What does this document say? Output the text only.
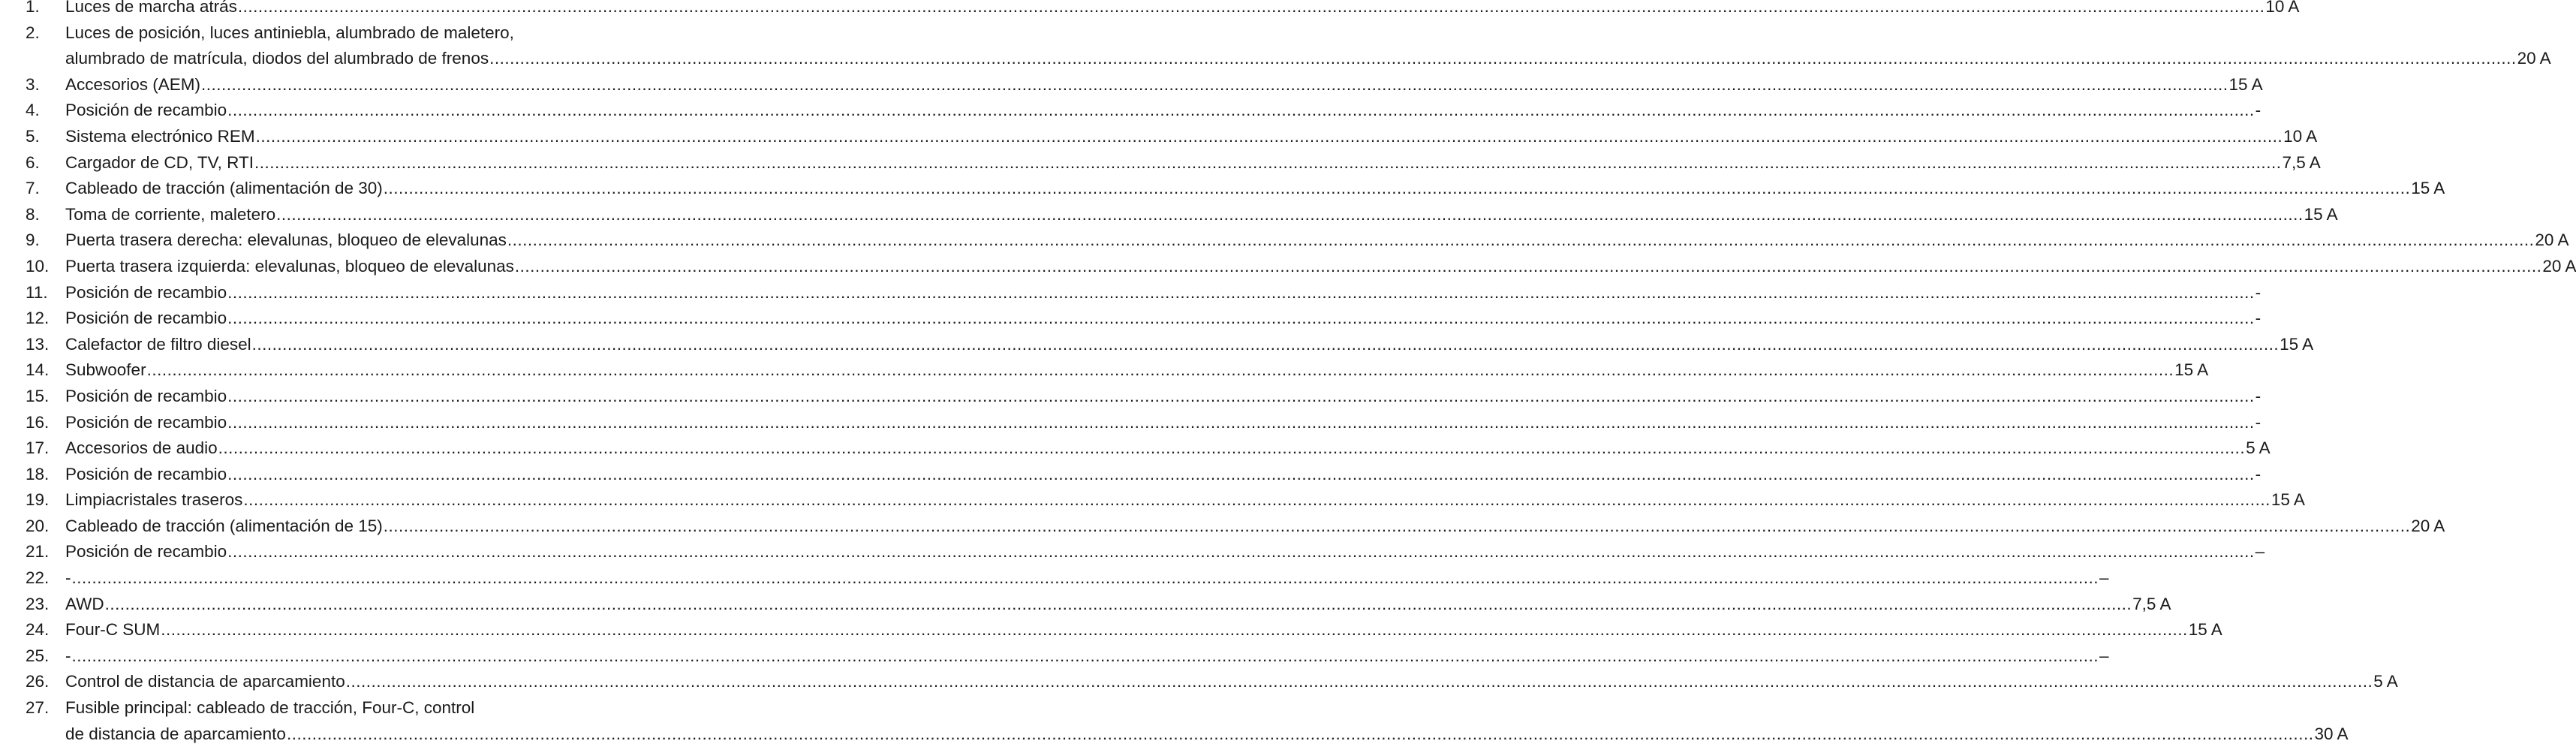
1.	Luces de marcha atrás ................................................................................................................................................................................................................................................................................................................................................................................................................ 10 A
2.	Luces de posición, luces antiniebla, alumbrado de maletero,
alumbrado de matrícula, diodos del alumbrado de frenos ................................................................................................................................................................................................................................................................................................................................................................................................................ 20 A
3.	Accesorios (AEM) ................................................................................................................................................................................................................................................................................................................................................................................................................ 15 A
4.	Posición de recambio ................................................................................................................................................................................................................................................................................................................................................................................................................ -
5.	Sistema electrónico REM ................................................................................................................................................................................................................................................................................................................................................................................................................ 10 A
6.	Cargador de CD, TV, RTI ................................................................................................................................................................................................................................................................................................................................................................................................................ 7,5 A
7.	Cableado de tracción (alimentación de 30) ................................................................................................................................................................................................................................................................................................................................................................................................................ 15 A
8.	Toma de corriente, maletero ................................................................................................................................................................................................................................................................................................................................................................................................................ 15 A
9.	Puerta trasera derecha: elevalunas, bloqueo de elevalunas ................................................................................................................................................................................................................................................................................................................................................................................................................ 20 A
10. Puerta trasera izquierda: elevalunas, bloqueo de elevalunas ................................................................................................................................................................................................................................................................................................................................................................................................................ 20 A
11.	Posición de recambio ................................................................................................................................................................................................................................................................................................................................................................................................................ -
12. Posición de recambio ................................................................................................................................................................................................................................................................................................................................................................................................................ -
13. Calefactor de filtro diesel ................................................................................................................................................................................................................................................................................................................................................................................................................ 15 A
14. Subwoofer ................................................................................................................................................................................................................................................................................................................................................................................................................ 15 A
15. Posición de recambio ................................................................................................................................................................................................................................................................................................................................................................................................................ -
16. Posición de recambio ................................................................................................................................................................................................................................................................................................................................................................................................................ -
17. Accesorios de audio ................................................................................................................................................................................................................................................................................................................................................................................................................ 5 A
18. Posición de recambio ................................................................................................................................................................................................................................................................................................................................................................................................................ -
19. Limpiacristales traseros ................................................................................................................................................................................................................................................................................................................................................................................................................ 15 A
20. Cableado de tracción (alimentación de 15) ................................................................................................................................................................................................................................................................................................................................................................................................................ 20 A
21. Posición de recambio ................................................................................................................................................................................................................................................................................................................................................................................................................ –
22. - ................................................................................................................................................................................................................................................................................................................................................................................................................ –
23. AWD ................................................................................................................................................................................................................................................................................................................................................................................................................ 7,5 A
24. Four-C SUM ................................................................................................................................................................................................................................................................................................................................................................................................................ 15 A
25. - ................................................................................................................................................................................................................................................................................................................................................................................................................ –
26. Control de distancia de aparcamiento ................................................................................................................................................................................................................................................................................................................................................................................................................ 5 A
27. Fusible principal: cableado de tracción, Four-C, control
de distancia de aparcamiento ................................................................................................................................................................................................................................................................................................................................................................................................................ 30 A
